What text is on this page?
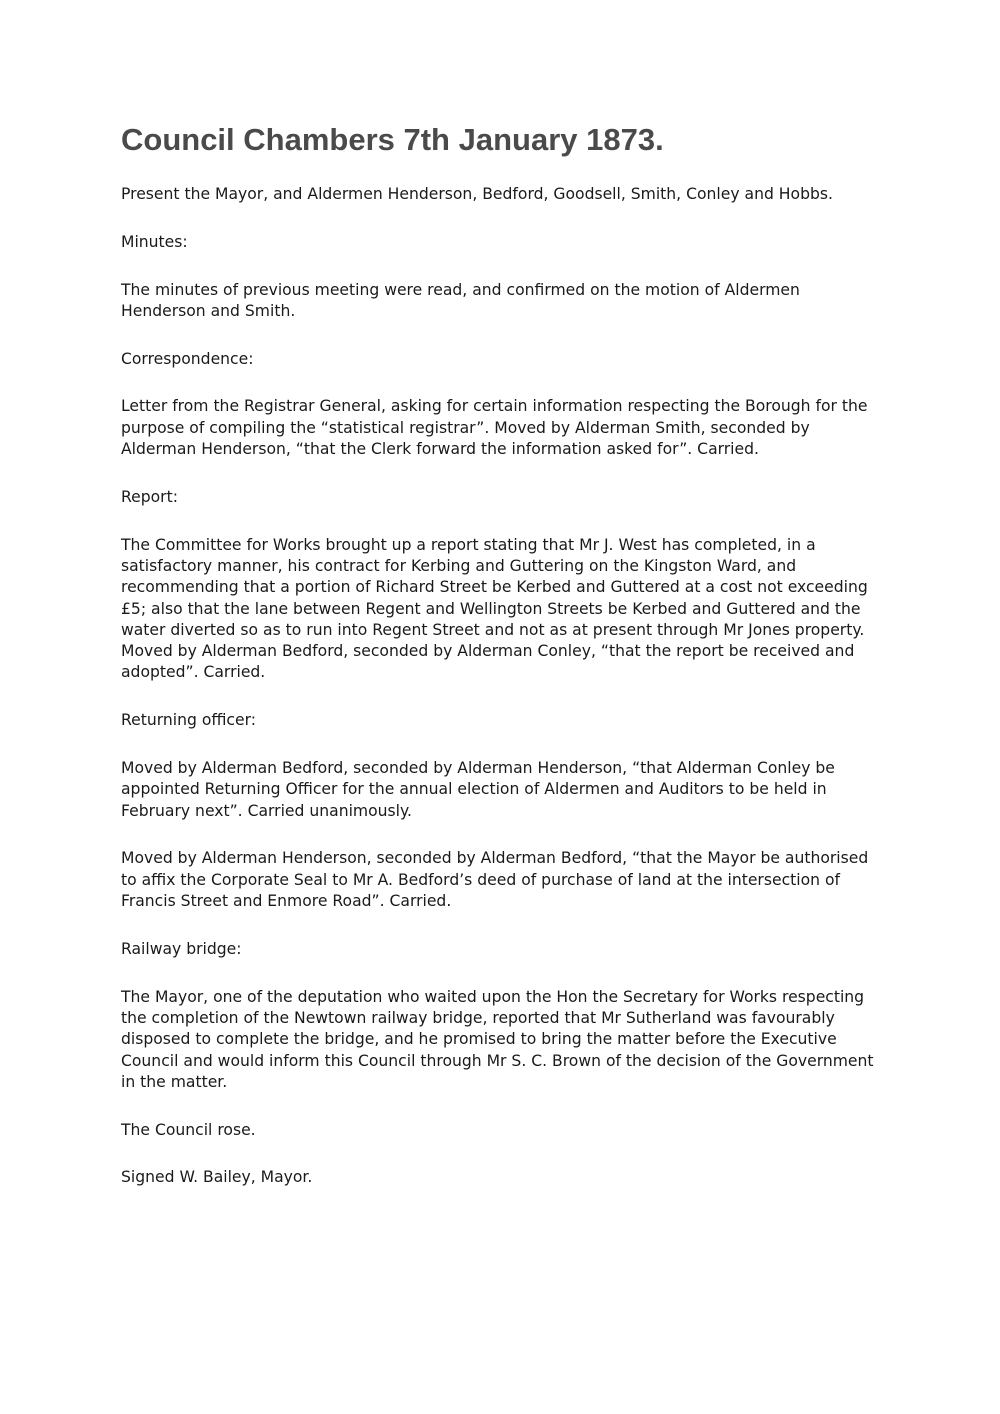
Council Chambers 7th January 1873.

Present the Mayor, and Aldermen Henderson, Bedford, Goodsell, Smith, Conley and Hobbs.

Minutes:

The minutes of previous meeting were read, and confirmed on the motion of Aldermen
Henderson and Smith.

Correspondence:

Letter from the Registrar General, asking for certain information respecting the Borough for the
purpose of compiling the “statistical registrar”. Moved by Alderman Smith, seconded by
Alderman Henderson, “that the Clerk forward the information asked for”. Carried.

Report:

The Committee for Works brought up a report stating that Mr J. West has completed, in a
satisfactory manner, his contract for Kerbing and Guttering on the Kingston Ward, and
recommending that a portion of Richard Street be Kerbed and Guttered at a cost not exceeding
£5; also that the lane between Regent and Wellington Streets be Kerbed and Guttered and the
water diverted so as to run into Regent Street and not as at present through Mr Jones property.
Moved by Alderman Bedford, seconded by Alderman Conley, “that the report be received and
adopted”. Carried.

Returning officer:

Moved by Alderman Bedford, seconded by Alderman Henderson, “that Alderman Conley be
appointed Returning Officer for the annual election of Aldermen and Auditors to be held in
February next”. Carried unanimously.

Moved by Alderman Henderson, seconded by Alderman Bedford, “that the Mayor be authorised
to affix the Corporate Seal to Mr A. Bedford’s deed of purchase of land at the intersection of
Francis Street and Enmore Road”. Carried.

Railway bridge:

The Mayor, one of the deputation who waited upon the Hon the Secretary for Works respecting
the completion of the Newtown railway bridge, reported that Mr Sutherland was favourably
disposed to complete the bridge, and he promised to bring the matter before the Executive
Council and would inform this Council through Mr S. C. Brown of the decision of the Government
in the matter.

The Council rose.

Signed W. Bailey, Mayor.
